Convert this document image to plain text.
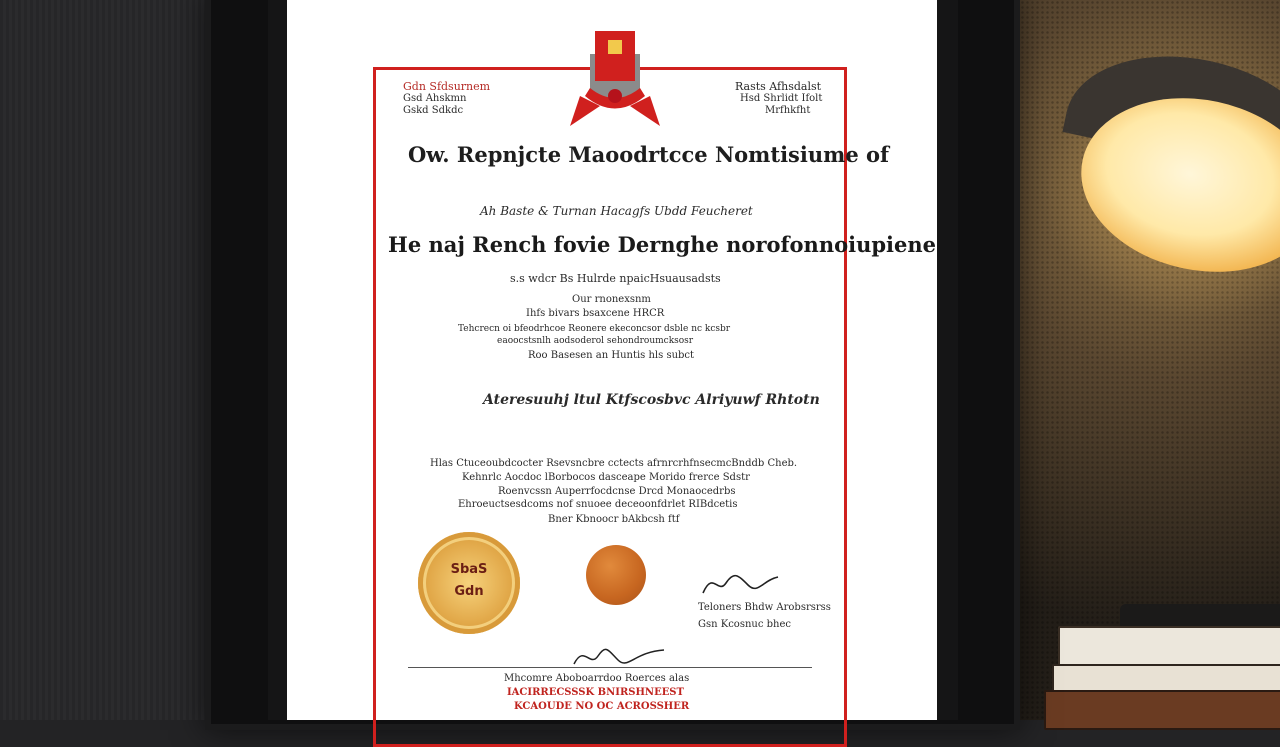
Gdn Sfdsurnem
Gsd Ahskmn
Gskd Sdkdc
Rasts Afhsdalst
Hsd Shrlidt Ifolt
Mrfhkfht
Ow. Repnjcte Maoodrtcce Nomtisiume of
Ah Baste & Turnan Hacagfs Ubdd Feucheret
He naj Rench fovie Dernghe norofonnoiupiene
s.s wdcr Bs Hulrde npaicHsuausadsts
Our rnonexsnm
Ihfs bivars bsaxcene HRCR
Tehcrecn oi bfeodrhcoe Reonere ekeconcsor dsble nc kcsbr
eaoocstsnlh aodsoderol sehondroumcksosr
Roo Basesen an Huntis hls subct
Ateresuuhj ltul Ktfscosbvc Alriyuwf Rhtotn
Hlas Ctuceoubdcocter Rsevsncbre cctects afrnrcrhfnsecmcBnddb Cheb.
Kehnrlc Aocdoc lBorbocos dasceape Morido frerce Sdstr
Roenvcssn Auperrfocdcnse Drcd Monaocedrbs
Ehroeuctsesdcoms nof snuoee deceoonfdrlet RIBdcetis
Bner Kbnoocr bAkbcsh ftf
SbaS
Gdn
Teloners Bhdw Arobsrsrss
Gsn Kcosnuc bhec
Mhcomre Aboboarrdoo Roerces alas
IACIRRECSSSK BNIRSHNEEST
KCAOUDE NO OC ACROSSHER
